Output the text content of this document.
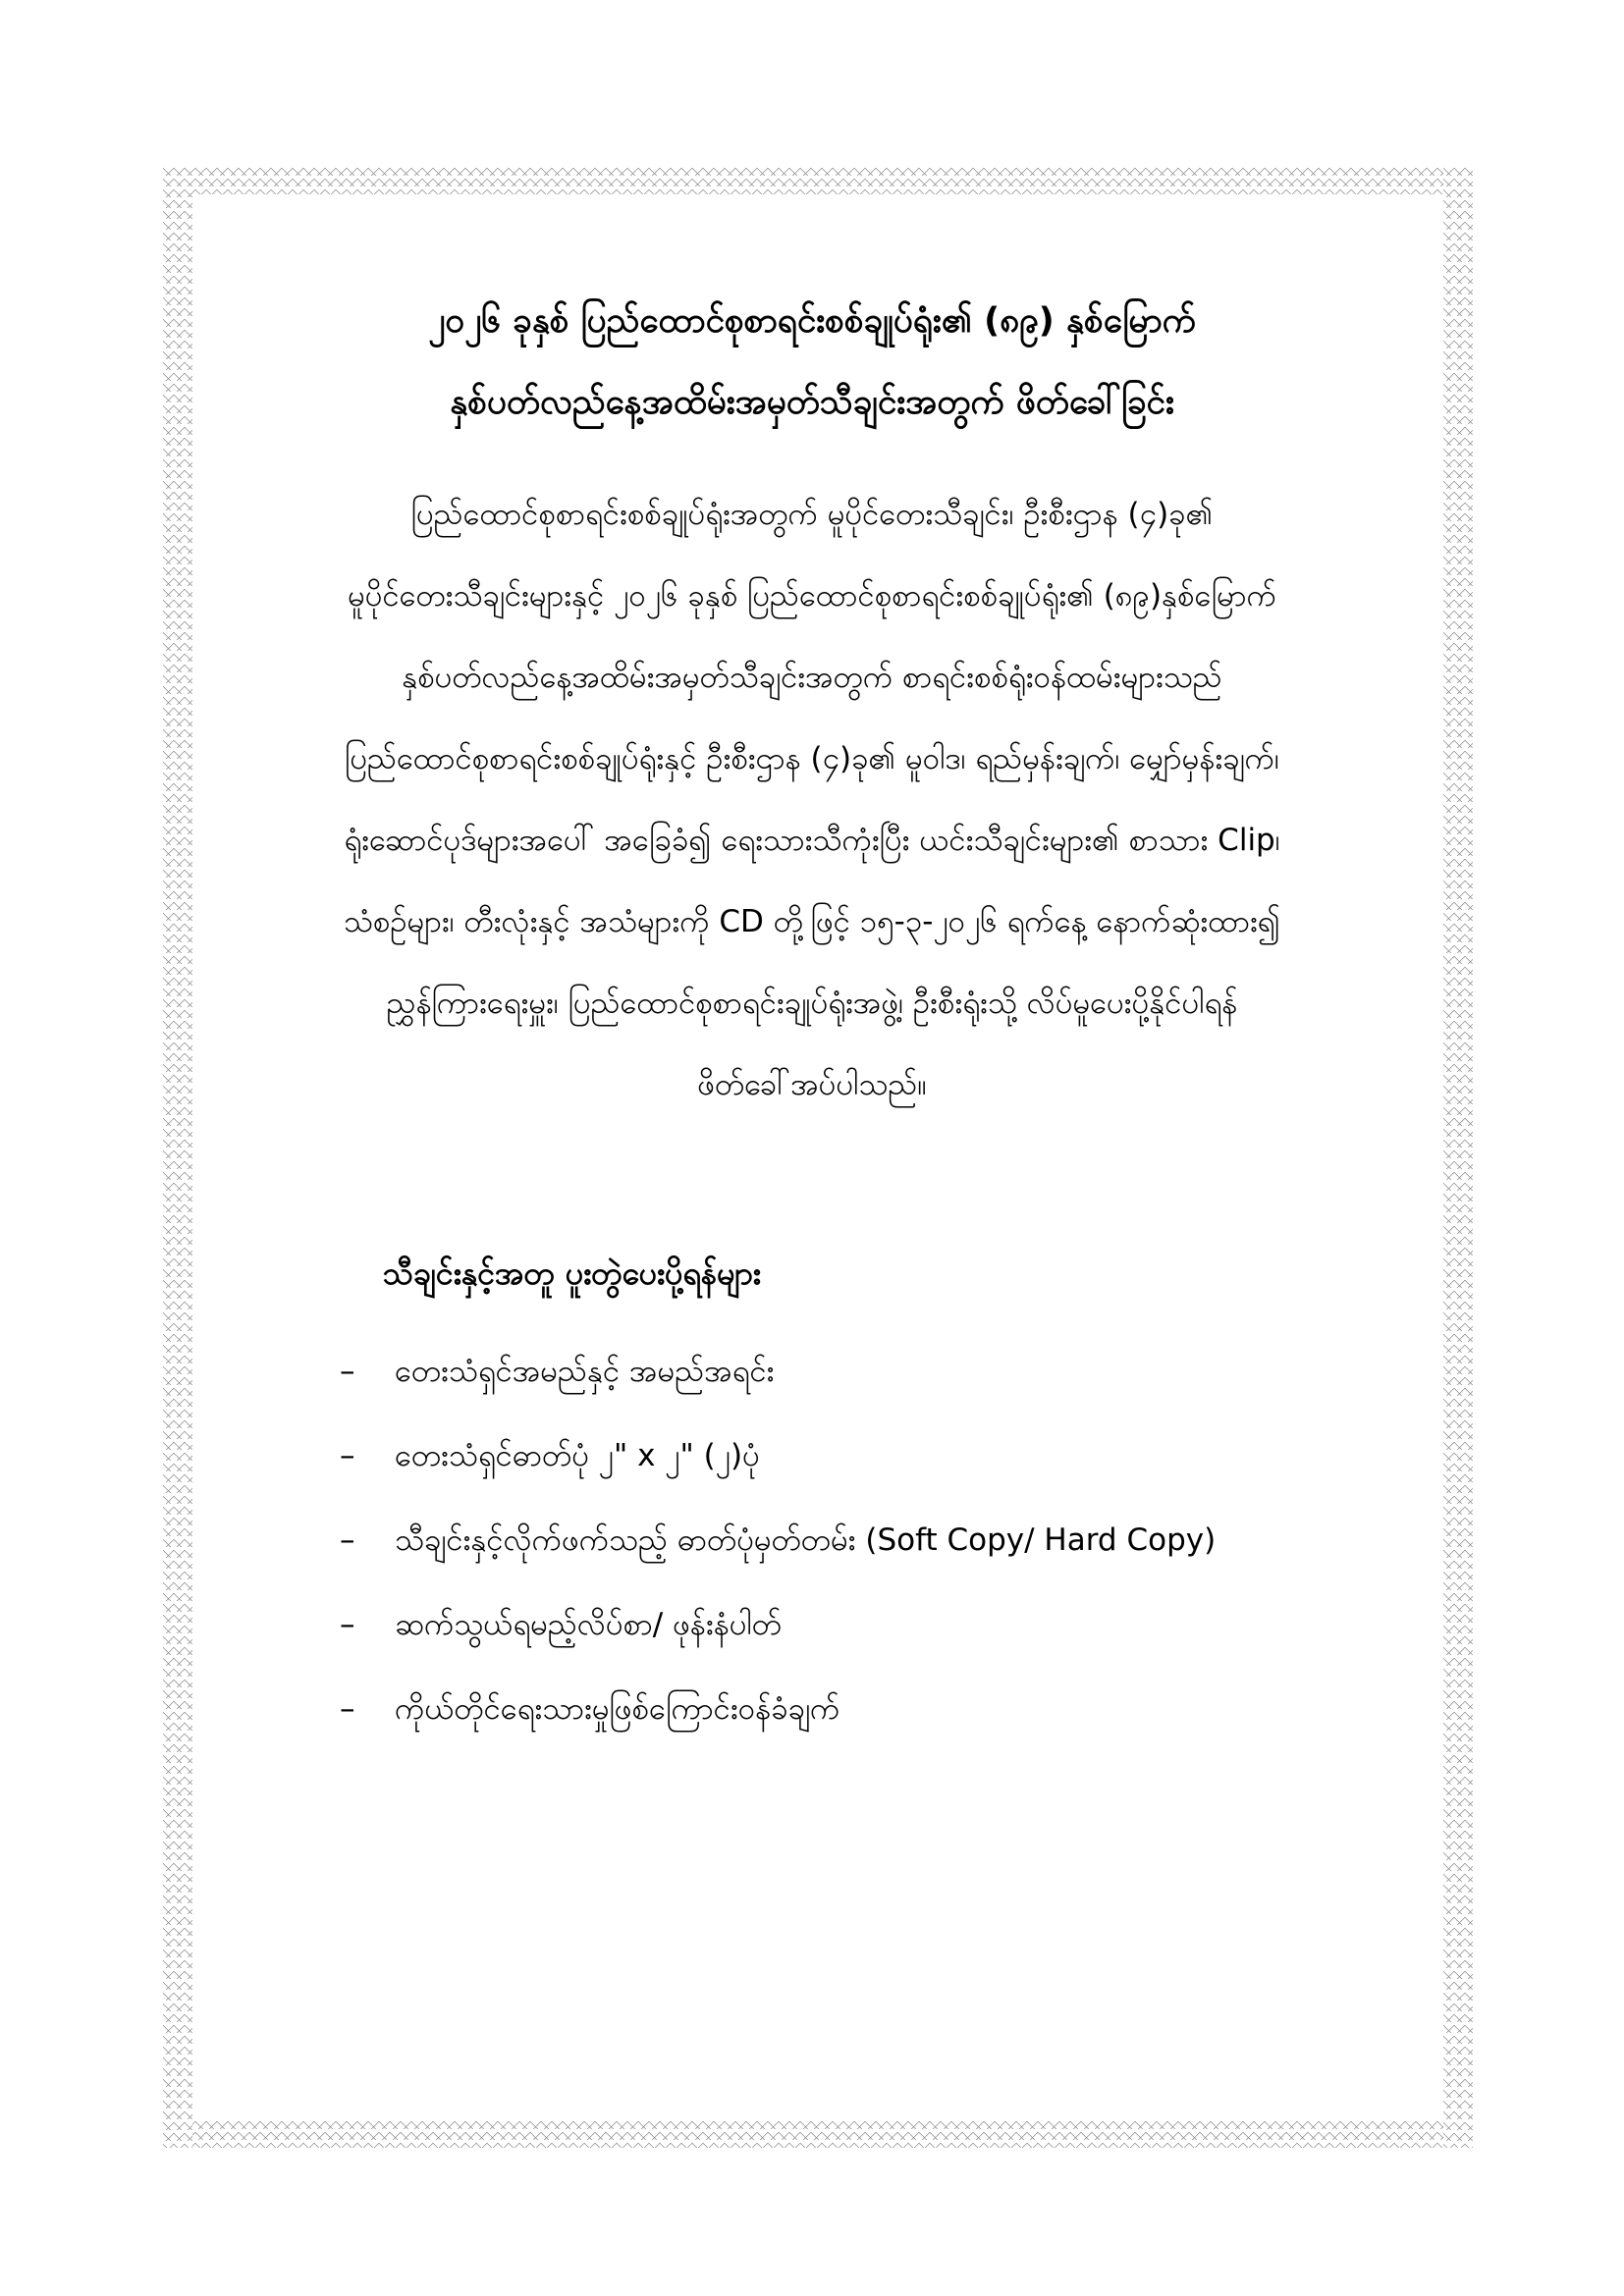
၂၀၂၆ ခုနှစ် ပြည်ထောင်စုစာရင်းစစ်ချုပ်ရုံး၏ (၈၉) နှစ်မြောက်
နှစ်ပတ်လည်နေ့အထိမ်းအမှတ်သီချင်းအတွက် ဖိတ်ခေါ်ခြင်း
ပြည်ထောင်စုစာရင်းစစ်ချုပ်ရုံးအတွက် မူပိုင်တေးသီချင်း၊ ဦးစီးဌာန (၄)ခု၏
မူပိုင်တေးသီချင်းများနှင့် ၂၀၂၆ ခုနှစ် ပြည်ထောင်စုစာရင်းစစ်ချုပ်ရုံး၏ (၈၉)နှစ်မြောက်
နှစ်ပတ်လည်နေ့အထိမ်းအမှတ်သီချင်းအတွက် စာရင်းစစ်ရုံးဝန်ထမ်းများသည်
ပြည်ထောင်စုစာရင်းစစ်ချုပ်ရုံးနှင့် ဦးစီးဌာန (၄)ခု၏ မူဝါဒ၊ ရည်မှန်းချက်၊ မျှော်မှန်းချက်၊
ရုံးဆောင်ပုဒ်များအပေါ် အခြေခံ၍ ရေးသားသီကုံးပြီး ယင်းသီချင်းများ၏ စာသား Clip၊
သံစဉ်များ၊ တီးလုံးနှင့် အသံများကို CD တို့ဖြင့် ၁၅-၃-၂၀၂၆ ရက်နေ့ နောက်ဆုံးထား၍
ညွှန်ကြားရေးမှူး၊ ပြည်ထောင်စုစာရင်းချုပ်ရုံးအဖွဲ့၊ ဦးစီးရုံးသို့ လိပ်မူပေးပို့နိုင်ပါရန်
ဖိတ်ခေါ်အပ်ပါသည်။
သီချင်းနှင့်အတူ ပူးတွဲပေးပို့ရန်များ
– တေးသံရှင်အမည်နှင့် အမည်အရင်း
– တေးသံရှင်ဓာတ်ပုံ ၂" x ၂" (၂)ပုံ
– သီချင်းနှင့်လိုက်ဖက်သည့် ဓာတ်ပုံမှတ်တမ်း (Soft Copy/ Hard Copy)
– ဆက်သွယ်ရမည့်လိပ်စာ/ ဖုန်းနံပါတ်
– ကိုယ်တိုင်ရေးသားမှုဖြစ်ကြောင်းဝန်ခံချက်
